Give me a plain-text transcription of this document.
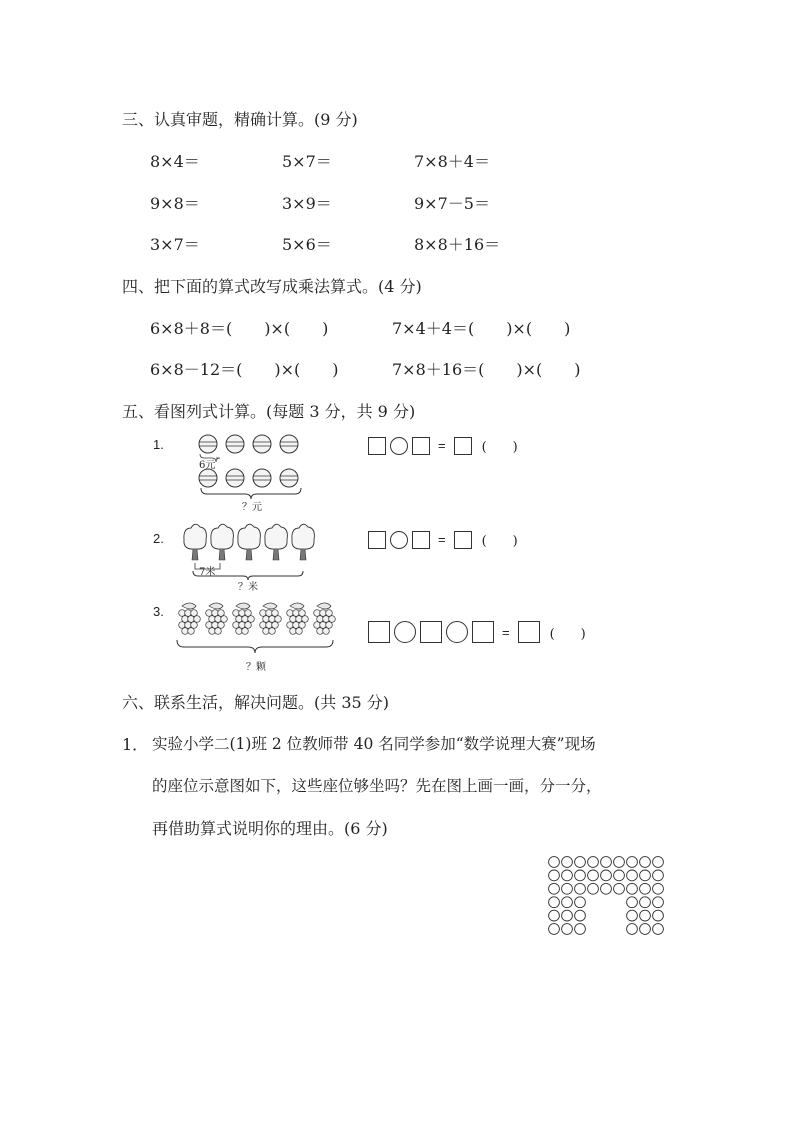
三、认真审题，精确计算。(9 分)
8×4＝	5×7＝	7×8＋4＝
9×8＝	3×9＝	9×7－5＝
3×7＝	5×6＝	8×8＋16＝
四、把下面的算式改写成乘法算式。(4 分)
6×8＋8＝(　　)×(　　)	7×4＋4＝(　　)×(　　)
6×8－12＝(　　)×(　　)	7×8＋16＝(　　)×(　　)
五、看图列式计算。(每题 3 分，共 9 分)
1.
6元
？元
=	(　　)
2.
7米
？米
=	(　　)
3.
？颗
=	(　　)
六、联系生活，解决问题。(共 35 分)
1． 实验小学二(1)班 2 位教师带 40 名同学参加“数学说理大赛”现场
的座位示意图如下，这些座位够坐吗？先在图上画一画，分一分，
再借助算式说明你的理由。(6 分)
